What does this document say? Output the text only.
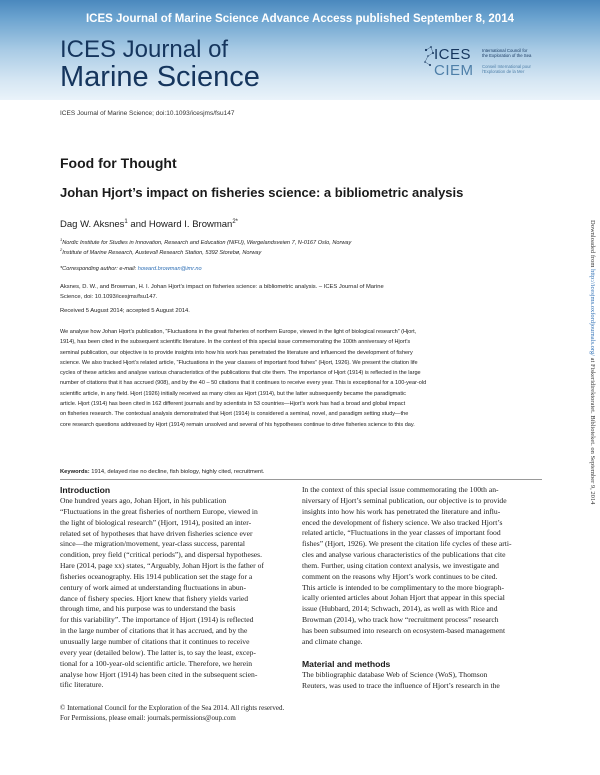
ICES Journal of Marine Science Advance Access published September 8, 2014
ICES Journal of
Marine Science
ICES
CIEM
International Council for
the Exploration of the Sea
Conseil International pour
l'Exploration de la Mer
ICES Journal of Marine Science; doi:10.1093/icesjms/fsu147
Food for Thought
Johan Hjort’s impact on fisheries science: a bibliometric analysis
Dag W. Aksnes$^1$ and Howard I. Browman$^{2*}$
$^1$Nordic Institute for Studies in Innovation, Research and Education (NIFU), Wergelandsveien 7, N-0167 Oslo, Norway
$^2$Institute of Marine Research, Austevoll Research Station, 5392 Storebø, Norway
*Corresponding author: e-mail: howard.browman@imr.no
Aksnes, D. W., and Browman, H. I. Johan Hjort’s impact on fisheries science: a bibliometric analysis. – ICES Journal of Marine
Science, doi: 10.1093/icesjms/fsu147.
Received 5 August 2014; accepted 5 August 2014.
We analyse how Johan Hjort’s publication, “Fluctuations in the great fisheries of northern Europe, viewed in the light of biological research” (Hjort,
1914), has been cited in the subsequent scientific literature. In the context of this special issue commemorating the 100th anniversary of Hjort’s
seminal publication, our objective is to provide insights into how his work has penetrated the literature and influenced the development of fishery
science. We also tracked Hjort’s related article, “Fluctuations in the year classes of important food fishes” (Hjort, 1926). We present the citation life
cycles of these articles and analyse various characteristics of the publications that cite them. The importance of Hjort (1914) is reflected in the large
number of citations that it has accrued (908), and by the 40 – 50 citations that it continues to receive every year. This is exceptional for a 100-year-old
scientific article, in any field. Hjort (1926) initially received as many cites as Hjort (1914), but the latter subsequently became the paradigmatic
article. Hjort (1914) has been cited in 162 different journals and by scientists in 53 countries—Hjort’s work has had a broad and global impact
on fisheries research. The contextual analysis demonstrated that Hjort (1914) is considered a seminal, novel, and paradigm setting study—the
core research questions addressed by Hjort (1914) remain unsolved and several of his hypotheses continue to drive fisheries science to this day.
Keywords: 1914, delayed rise no decline, fish biology, highly cited, recruitment.
Introduction
One hundred years ago, Johan Hjort, in his publication
“Fluctuations in the great fisheries of northern Europe, viewed in
the light of biological research” (Hjort, 1914), posited an inter-
related set of hypotheses that have driven fisheries science ever
since—the migration/movement, year-class success, parental
condition, prey field (“critical periods”), and dispersal hypotheses.
Hare (2014, page xx) states, “Arguably, Johan Hjort is the father of
fisheries oceanography. His 1914 publication set the stage for a
century of work aimed at understanding fluctuations in abun-
dance of fishery species. Hjort knew that fishery yields varied
through time, and his purpose was to understand the basis
for this variability”. The importance of Hjort (1914) is reflected
in the large number of citations that it has accrued, and by the
unusually large number of citations that it continues to receive
every year (detailed below). The latter is, to say the least, excep-
tional for a 100-year-old scientific article. Therefore, we herein
analyse how Hjort (1914) has been cited in the subsequent scien-
tific literature.
In the context of this special issue commemorating the 100th an-
niversary of Hjort’s seminal publication, our objective is to provide
insights into how his work has penetrated the literature and influ-
enced the development of fishery science. We also tracked Hjort’s
related article, “Fluctuations in the year classes of important food
fishes” (Hjort, 1926). We present the citation life cycles of these arti-
cles and analyse various characteristics of the publications that cite
them. Further, using citation context analysis, we investigate and
comment on the reasons why Hjort’s work continues to be cited.
This article is intended to be complimentary to the more biograph-
ically oriented articles about Johan Hjort that appear in this special
issue (Hubbard, 2014; Schwach, 2014), as well as with Rice and
Browman (2014), who track how “recruitment process” research
has been subsumed into research on ecosystem-based management
and climate change.
Material and methods
The bibliographic database Web of Science (WoS), Thomson
Reuters, was used to trace the influence of Hjort’s research in the
© International Council for the Exploration of the Sea 2014. All rights reserved.
For Permissions, please email: journals.permissions@oup.com
Downloaded from http://icesjms.oxfordjournals.org/ at Fiskeridirektoratet. Biblioteket. on September 9, 2014
